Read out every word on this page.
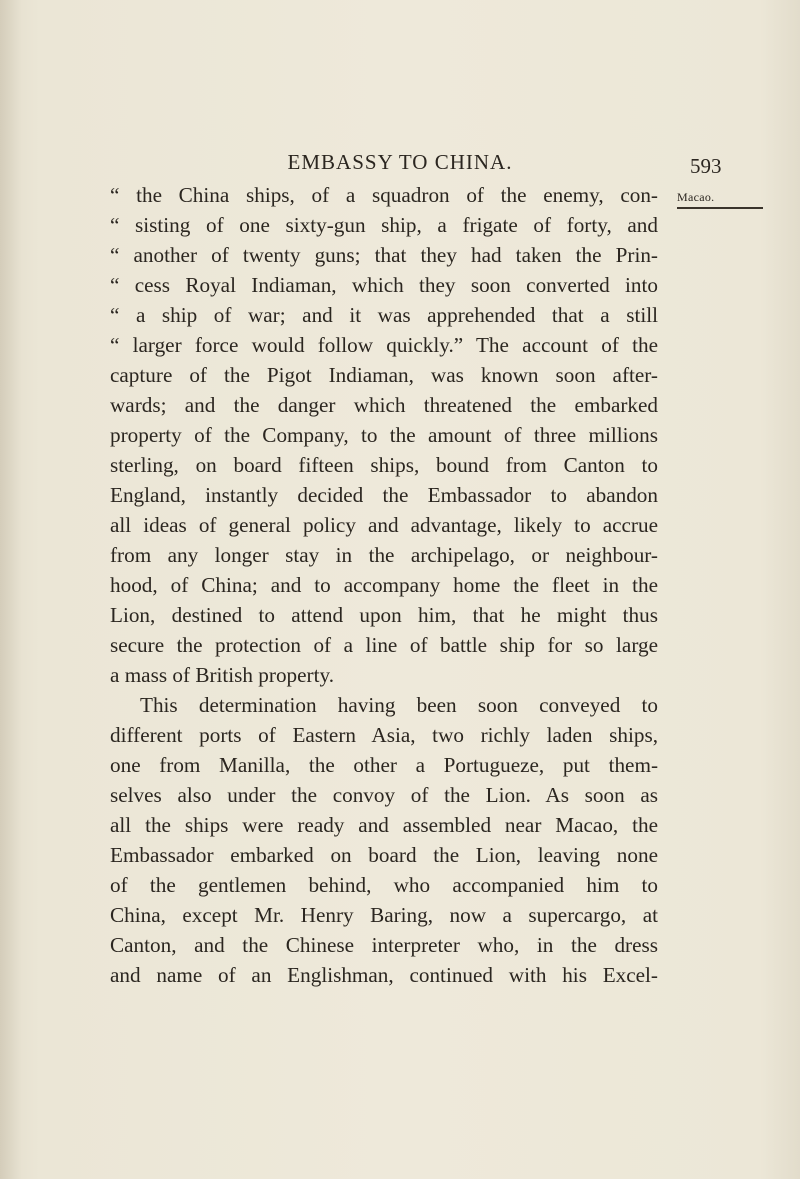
EMBASSY TO CHINA.	593
Macao.
“ the China ships, of a squadron of the enemy, con-
“ sisting of one sixty-gun ship, a frigate of forty, and
“ another of twenty guns; that they had taken the Prin-
“ cess Royal Indiaman, which they soon converted into
“ a ship of war; and it was apprehended that a still
“ larger force would follow quickly.” The account of the
capture of the Pigot Indiaman, was known soon after-
wards; and the danger which threatened the embarked
property of the Company, to the amount of three millions
sterling, on board fifteen ships, bound from Canton to
England, instantly decided the Embassador to abandon
all ideas of general policy and advantage, likely to accrue
from any longer stay in the archipelago, or neighbour-
hood, of China; and to accompany home the fleet in the
Lion, destined to attend upon him, that he might thus
secure the protection of a line of battle ship for so large
a mass of British property.
This determination having been soon conveyed to
different ports of Eastern Asia, two richly laden ships,
one from Manilla, the other a Portugueze, put them-
selves also under the convoy of the Lion. As soon as
all the ships were ready and assembled near Macao, the
Embassador embarked on board the Lion, leaving none
of the gentlemen behind, who accompanied him to
China, except Mr. Henry Baring, now a supercargo, at
Canton, and the Chinese interpreter who, in the dress
and name of an Englishman, continued with his Excel-
